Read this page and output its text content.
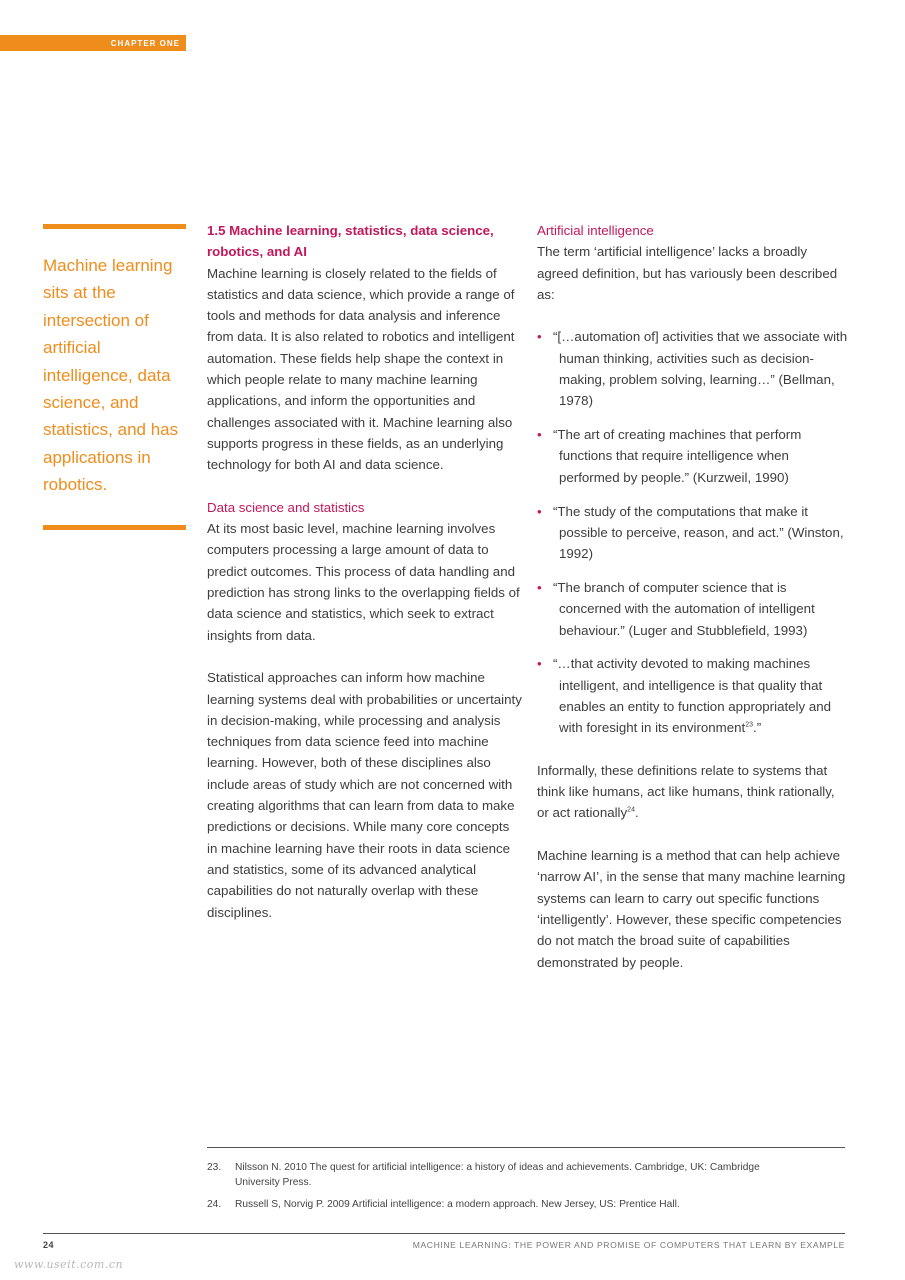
CHAPTER ONE

Machine learning sits at the intersection of artificial intelligence, data science, and statistics, and has applications in robotics.

1.5 Machine learning, statistics, data science, robotics, and AI

Machine learning is closely related to the fields of statistics and data science, which provide a range of tools and methods for data analysis and inference from data. It is also related to robotics and intelligent automation. These fields help shape the context in which people relate to many machine learning applications, and inform the opportunities and challenges associated with it. Machine learning also supports progress in these fields, as an underlying technology for both AI and data science.

Data science and statistics

At its most basic level, machine learning involves computers processing a large amount of data to predict outcomes. This process of data handling and prediction has strong links to the overlapping fields of data science and statistics, which seek to extract insights from data.

Statistical approaches can inform how machine learning systems deal with probabilities or uncertainty in decision-making, while processing and analysis techniques from data science feed into machine learning. However, both of these disciplines also include areas of study which are not concerned with creating algorithms that can learn from data to make predictions or decisions. While many core concepts in machine learning have their roots in data science and statistics, some of its advanced analytical capabilities do not naturally overlap with these disciplines.

Artificial intelligence

The term ‘artificial intelligence’ lacks a broadly agreed definition, but has variously been described as:

• “[…automation of] activities that we associate with human thinking, activities such as decision-making, problem solving, learning…” (Bellman, 1978)
• “The art of creating machines that perform functions that require intelligence when performed by people.” (Kurzweil, 1990)
• “The study of the computations that make it possible to perceive, reason, and act.” (Winston, 1992)
• “The branch of computer science that is concerned with the automation of intelligent behaviour.” (Luger and Stubblefield, 1993)
• “…that activity devoted to making machines intelligent, and intelligence is that quality that enables an entity to function appropriately and with foresight in its environment$^{23}$.”

Informally, these definitions relate to systems that think like humans, act like humans, think rationally, or act rationally$^{24}$.

Machine learning is a method that can help achieve ‘narrow AI’, in the sense that many machine learning systems can learn to carry out specific functions ‘intelligently’. However, these specific competencies do not match the broad suite of capabilities demonstrated by people.

23.	Nilsson N. 2010 The quest for artificial intelligence: a history of ideas and achievements. Cambridge, UK: Cambridge University Press.
24.	Russell S, Norvig P. 2009 Artificial intelligence: a modern approach. New Jersey, US: Prentice Hall.
24	MACHINE LEARNING: THE POWER AND PROMISE OF COMPUTERS THAT LEARN BY EXAMPLE
www.useit.com.cn
